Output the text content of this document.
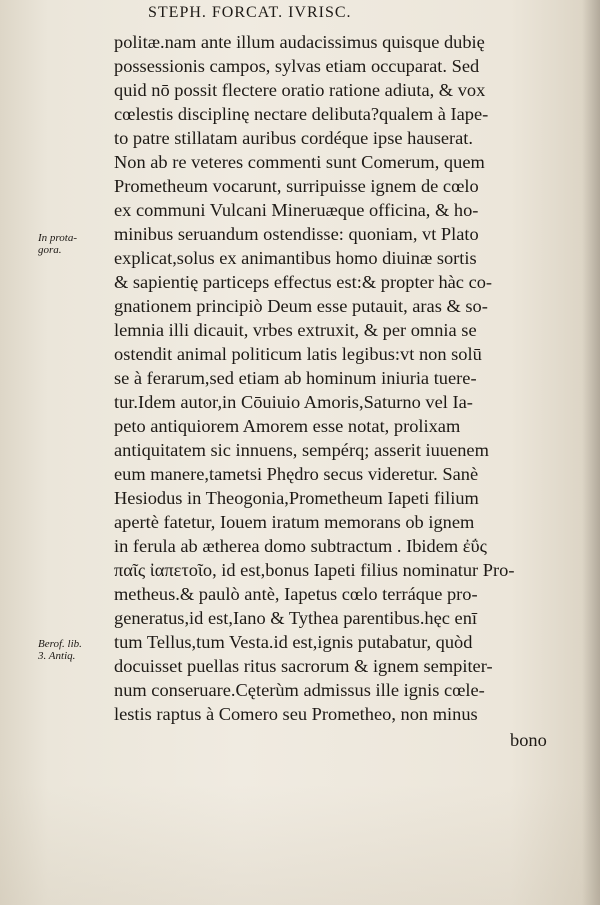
STEPH. FORCAT. IVRISC.
politæ.nam ante illum audacissimus quisque dubię
possessionis campos, sylvas etiam occuparat. Sed
quid nō possit flectere oratio ratione adiuta, & vox
cœlestis disciplinę nectare delibuta?qualem à Iape-
to patre stillatam auribus cordéque ipse hauserat.
Non ab re veteres commenti sunt Comerum, quem
Prometheum vocarunt, surripuisse ignem de cœlo
ex communi Vulcani Mineruæque officina, & ho-
minibus seruandum ostendisse: quoniam, vt Plato
explicat,solus ex animantibus homo diuinæ sortis
& sapientię particeps effectus est:& propter hàc co-
gnationem principiò Deum esse putauit, aras & so-
lemnia illi dicauit, vrbes extruxit, & per omnia se
ostendit animal politicum latis legibus:vt non solū
se à ferarum,sed etiam ab hominum iniuria tuere-
tur.Idem autor,in Cōuiuio Amoris,Saturno vel Ia-
peto antiquiorem Amorem esse notat, prolixam
antiquitatem sic innuens, sempérq; asserit iuuenem
eum manere,tametsi Phędro secus videretur. Sanè
Hesiodus in Theogonia,Prometheum Iapeti filium
apertè fatetur, Iouem iratum memorans ob ignem
in ferula ab ætherea domo subtractum . Ibidem ἐΰς
παῖς ἰαπετοῖο, id est,bonus Iapeti filius nominatur Pro-
metheus.& paulò antè, Iapetus cœlo terráque pro-
generatus,id est,Iano & Tythea parentibus.hęc enī
tum Tellus,tum Vesta.id est,ignis putabatur, quòd
docuisset puellas ritus sacrorum & ignem sempiter-
num conseruare.Cęterùm admissus ille ignis cœle-
lestis raptus à Comero seu Prometheo, non minus
bono
In prota-
gora.
Berof. lib.
3. Antiq.
